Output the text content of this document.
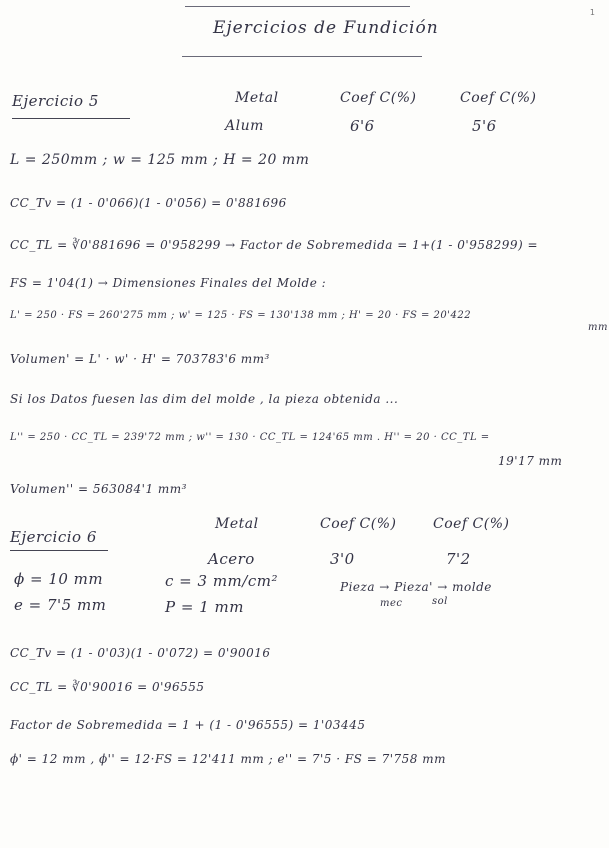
1
Ejercicios de Fundición
Ejercicio 5	Metal	Coef C(%)	Coef C(%)
Alum	6'6	5'6
L = 250mm ; w = 125 mm ; H = 20 mm
CC_Tv = (1 - 0'066)(1 - 0'056) = 0'881696
CC_TL = ∛0'881696 = 0'958299 → Factor de Sobremedida = 1+(1 - 0'958299) =
FS = 1'04(1) → Dimensiones Finales del Molde :
L' = 250 · FS = 260'275 mm ; w' = 125 · FS = 130'138 mm ; H' = 20 · FS = 20'422
mm
Volumen' = L' · w' · H' = 703783'6 mm³
Si los Datos fuesen las dim del molde , la pieza obtenida ...
L'' = 250 · CC_TL = 239'72 mm ; w'' = 130 · CC_TL = 124'65 mm . H'' = 20 · CC_TL =
19'17 mm
Volumen'' = 563084'1 mm³
Ejercicio 6
Metal	Coef C(%)	Coef C(%)
Acero	3'0	7'2
ϕ = 10 mm	c = 3 mm/cm²
e = 7'5 mm	P = 1 mm
Pieza → Pieza' → molde
mec	sol
CC_Tv = (1 - 0'03)(1 - 0'072) = 0'90016
CC_TL = ∛0'90016 = 0'96555
Factor de Sobremedida = 1 + (1 - 0'96555) = 1'03445
ϕ' = 12 mm , ϕ'' = 12·FS = 12'411 mm ; e'' = 7'5 · FS = 7'758 mm
